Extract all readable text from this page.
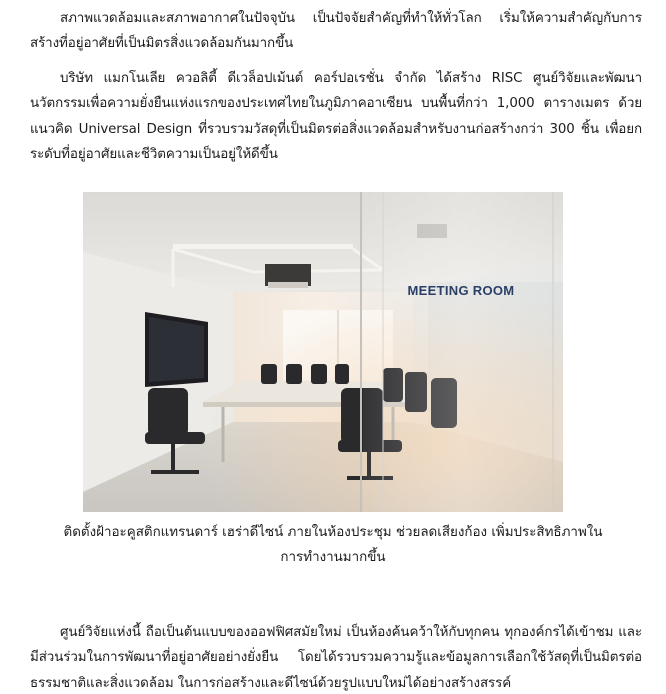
สภาพแวดล้อมและสภาพอากาศในปัจจุบัน เป็นปัจจัยสำคัญที่ทำให้ทั่วโลก เริ่มให้ความสำคัญกับการสร้างที่อยู่อาศัยที่เป็นมิตรสิ่งแวดล้อมกันมากขึ้น

บริษัท แมกโนเลีย ควอลิตี้ ดีเวล็อปเม้นต์ คอร์ปอเรชั่น จำกัด ได้สร้าง RISC ศูนย์วิจัยและพัฒนานวัตกรรมเพื่อความยั่งยืนแห่งแรกของประเทศไทยในภูมิภาคอาเซียน บนพื้นที่กว่า 1,000 ตารางเมตร ด้วยแนวคิด Universal Design ที่รวบรวมวัสดุที่เป็นมิตรต่อสิ่งแวดล้อมสำหรับงานก่อสร้างกว่า 300 ชิ้น เพื่อยกระดับที่อยู่อาศัยและชีวิตความเป็นอยู่ให้ดีขึ้น

MEETING ROOM

ติดตั้งฝ้าอะคูสติกแทรนดาร์ เฮร่าดีไซน์ ภายในห้องประชุม ช่วยลดเสียงก้อง เพิ่มประสิทธิภาพในการทำงานมากขึ้น

ศูนย์วิจัยแห่งนี้ ถือเป็นต้นแบบของออฟฟิศสมัยใหม่ เป็นห้องค้นคว้าให้กับทุกคน ทุกองค์กรได้เข้าชม และมีส่วนร่วมในการพัฒนาที่อยู่อาศัยอย่างยั่งยืน โดยได้รวบรวมความรู้และข้อมูลการเลือกใช้วัสดุที่เป็นมิตรต่อธรรมชาติและสิ่งแวดล้อม ในการก่อสร้างและดีไซน์ด้วยรูปแบบใหม่ได้อย่างสร้างสรรค์
